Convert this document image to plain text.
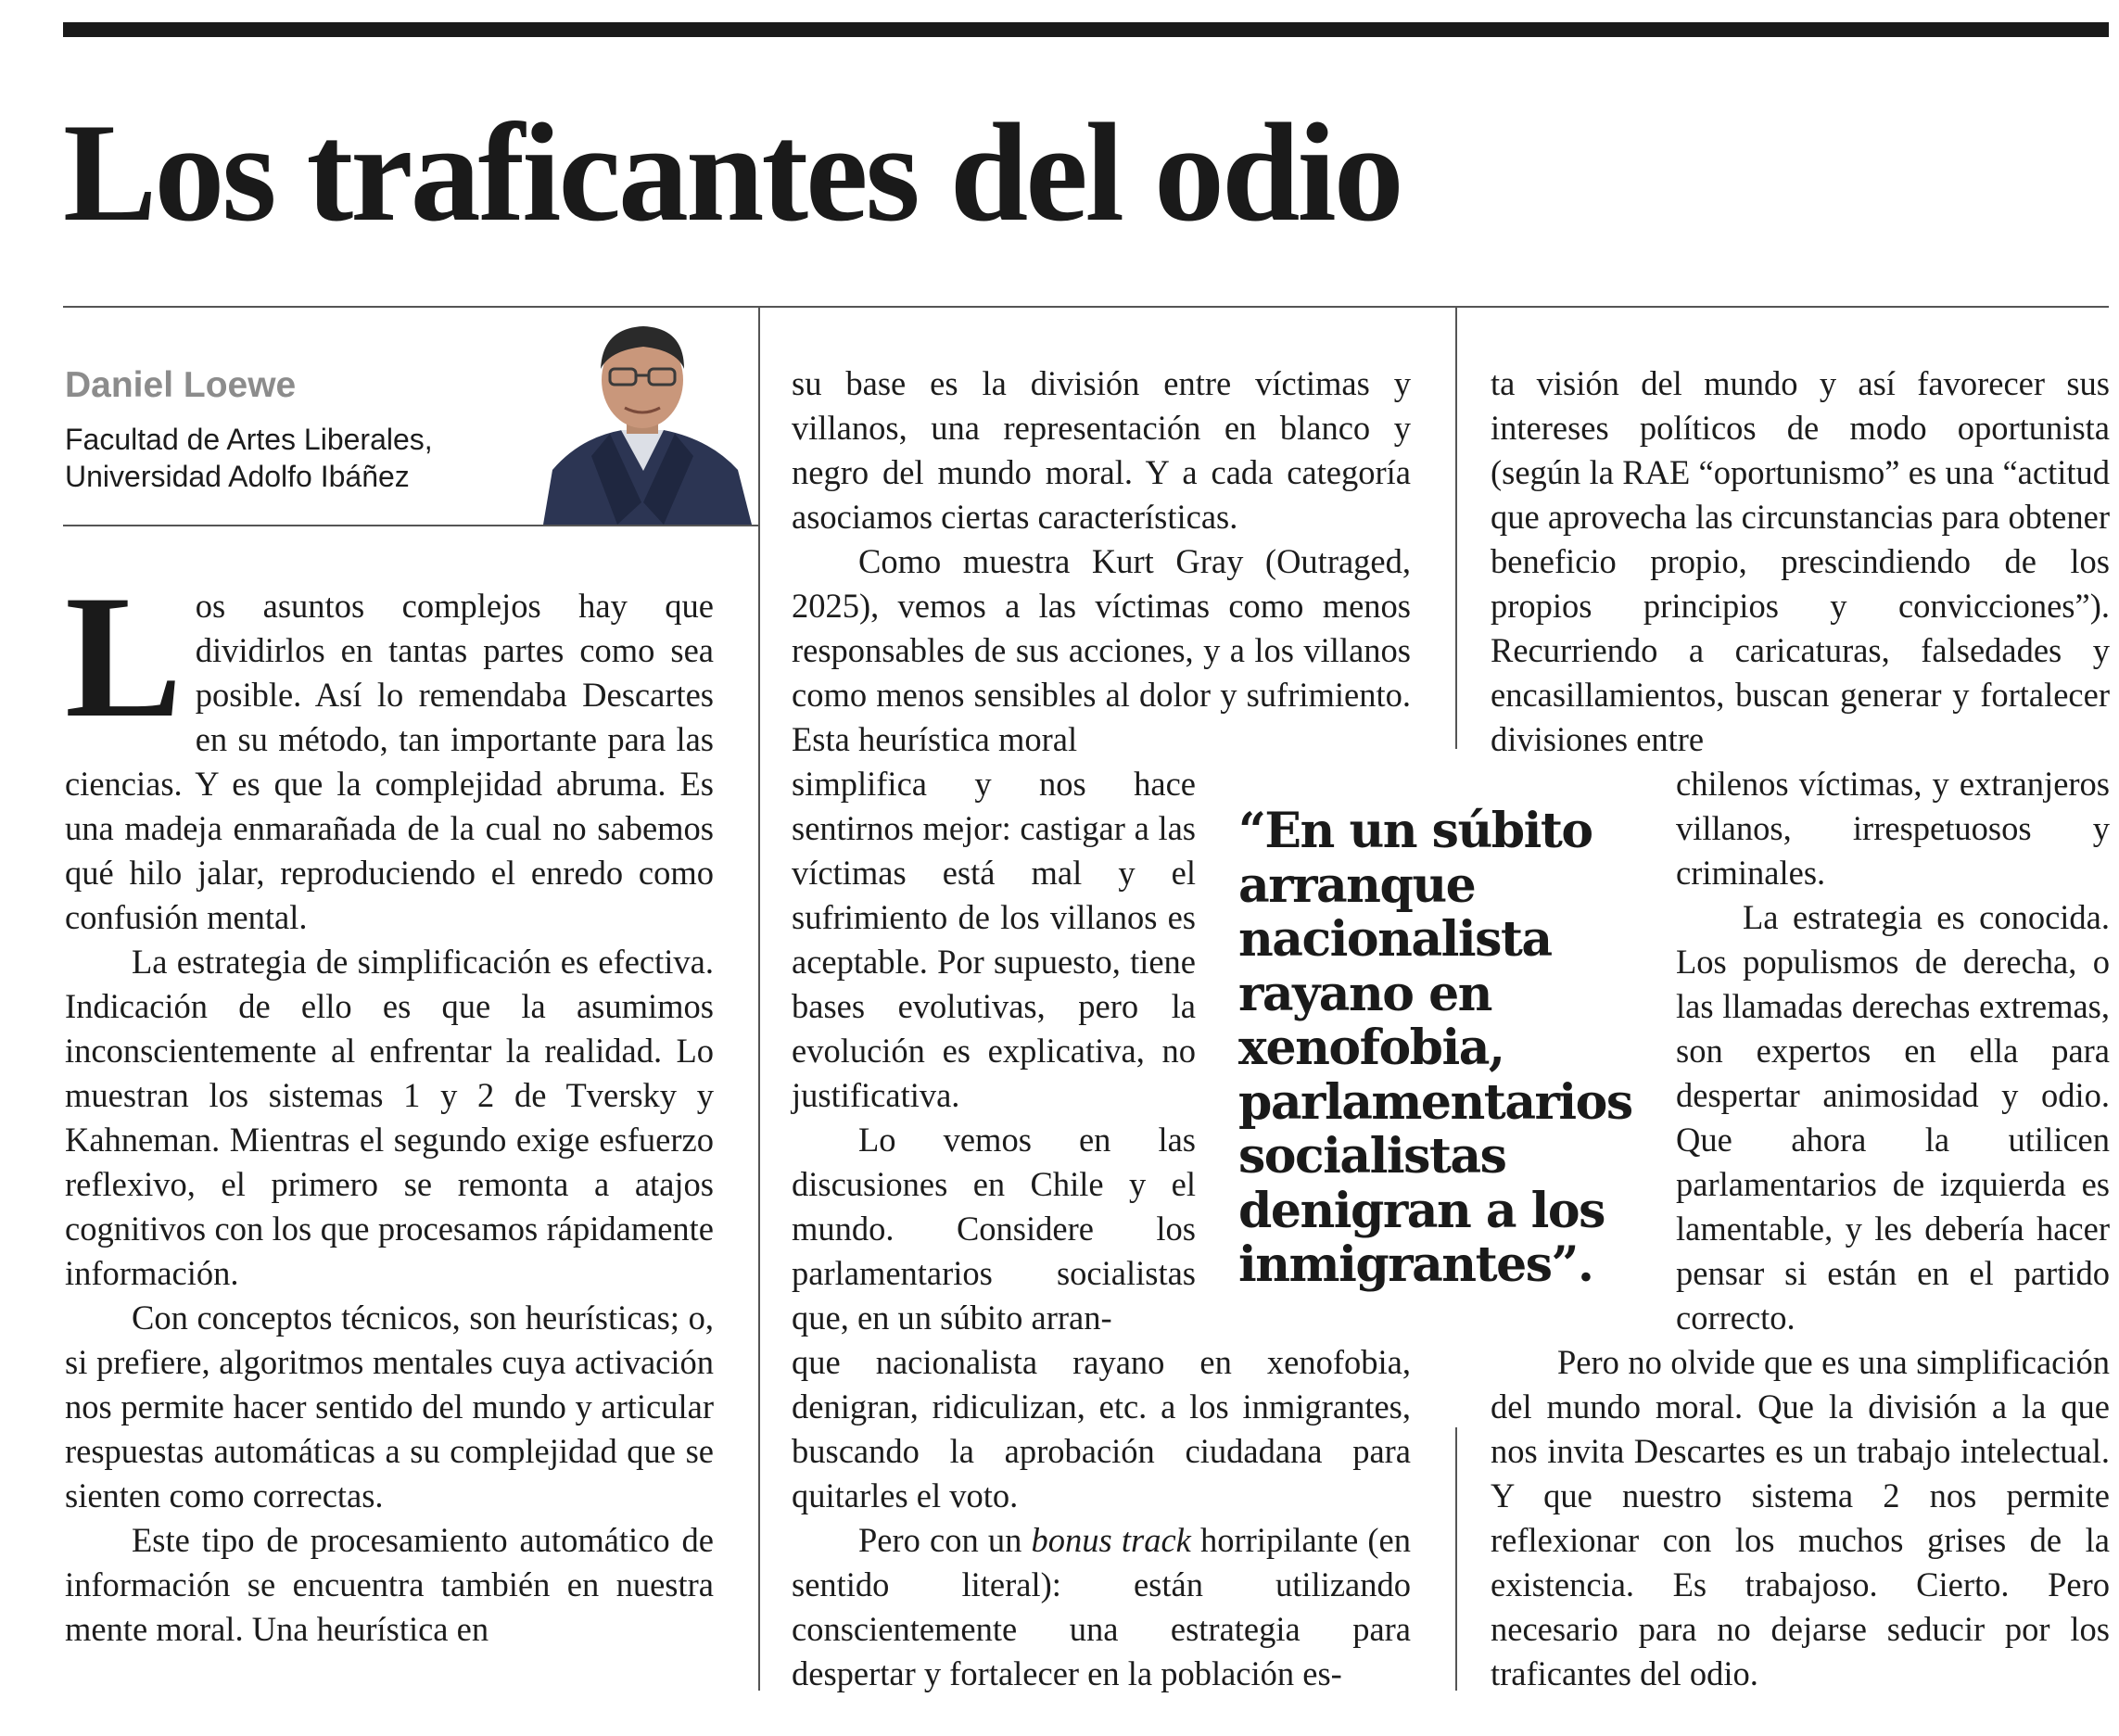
Los traficantes del odio

Daniel Loewe

Facultad de Artes Liberales,
Universidad Adolfo Ibáñez

Los asuntos complejos hay que dividirlos en tantas partes como sea posible. Así lo remendaba Descartes en su método, tan importante para las ciencias. Y es que la complejidad abruma. Es una madeja enmarañada de la cual no sabemos qué hilo jalar, reproduciendo el enredo como confusión mental.

La estrategia de simplificación es efectiva. Indicación de ello es que la asumimos inconscientemente al enfrentar la realidad. Lo muestran los sistemas 1 y 2 de Tversky y Kahneman. Mientras el segundo exige esfuerzo reflexivo, el primero se remonta a atajos cognitivos con los que procesamos rápidamente información.

Con conceptos técnicos, son heurísticas; o, si prefiere, algoritmos mentales cuya activación nos permite hacer sentido del mundo y articular respuestas automáticas a su complejidad que se sienten como correctas.

Este tipo de procesamiento automático de información se encuentra también en nuestra mente moral. Una heurística en

su base es la división entre víctimas y villanos, una representación en blanco y negro del mundo moral. Y a cada categoría asociamos ciertas características.

Como muestra Kurt Gray (Outraged, 2025), vemos a las víctimas como menos responsables de sus acciones, y a los villanos como menos sensibles al dolor y sufrimiento. Esta heurística moral

simplifica y nos hace sentirnos mejor: castigar a las víctimas está mal y el sufrimiento de los villanos es aceptable. Por supuesto, tiene bases evolutivas, pero la evolución es explicativa, no justificativa.

Lo vemos en las discusiones en Chile y el mundo. Considere los parlamentarios socialistas que, en un súbito arran-

que nacionalista rayano en xenofobia, denigran, ridiculizan, etc. a los inmigrantes, buscando la aprobación ciudadana para quitarles el voto.

Pero con un bonus track horripilante (en sentido literal): están utilizando conscientemente una estrategia para despertar y fortalecer en la población es-

“En un súbito arranque nacionalista rayano en xenofobia, parlamentarios socialistas denigran a los inmigrantes”.

ta visión del mundo y así favorecer sus intereses políticos de modo oportunista (según la RAE “oportunismo” es una “actitud que aprovecha las circunstancias para obtener beneficio propio, prescindiendo de los propios principios y convicciones”). Recurriendo a caricaturas, falsedades y encasillamientos, buscan generar y fortalecer divisiones entre

chilenos víctimas, y extranjeros villanos, irrespetuosos y criminales.

La estrategia es conocida. Los populismos de derecha, o las llamadas derechas extremas, son expertos en ella para despertar animosidad y odio. Que ahora la utilicen parlamentarios de izquierda es lamentable, y les debería hacer pensar si están en el partido correcto.

Pero no olvide que es una simplificación del mundo moral. Que la división a la que nos invita Descartes es un trabajo intelectual. Y que nuestro sistema 2 nos permite reflexionar con los muchos grises de la existencia. Es trabajoso. Cierto. Pero necesario para no dejarse seducir por los traficantes del odio.
